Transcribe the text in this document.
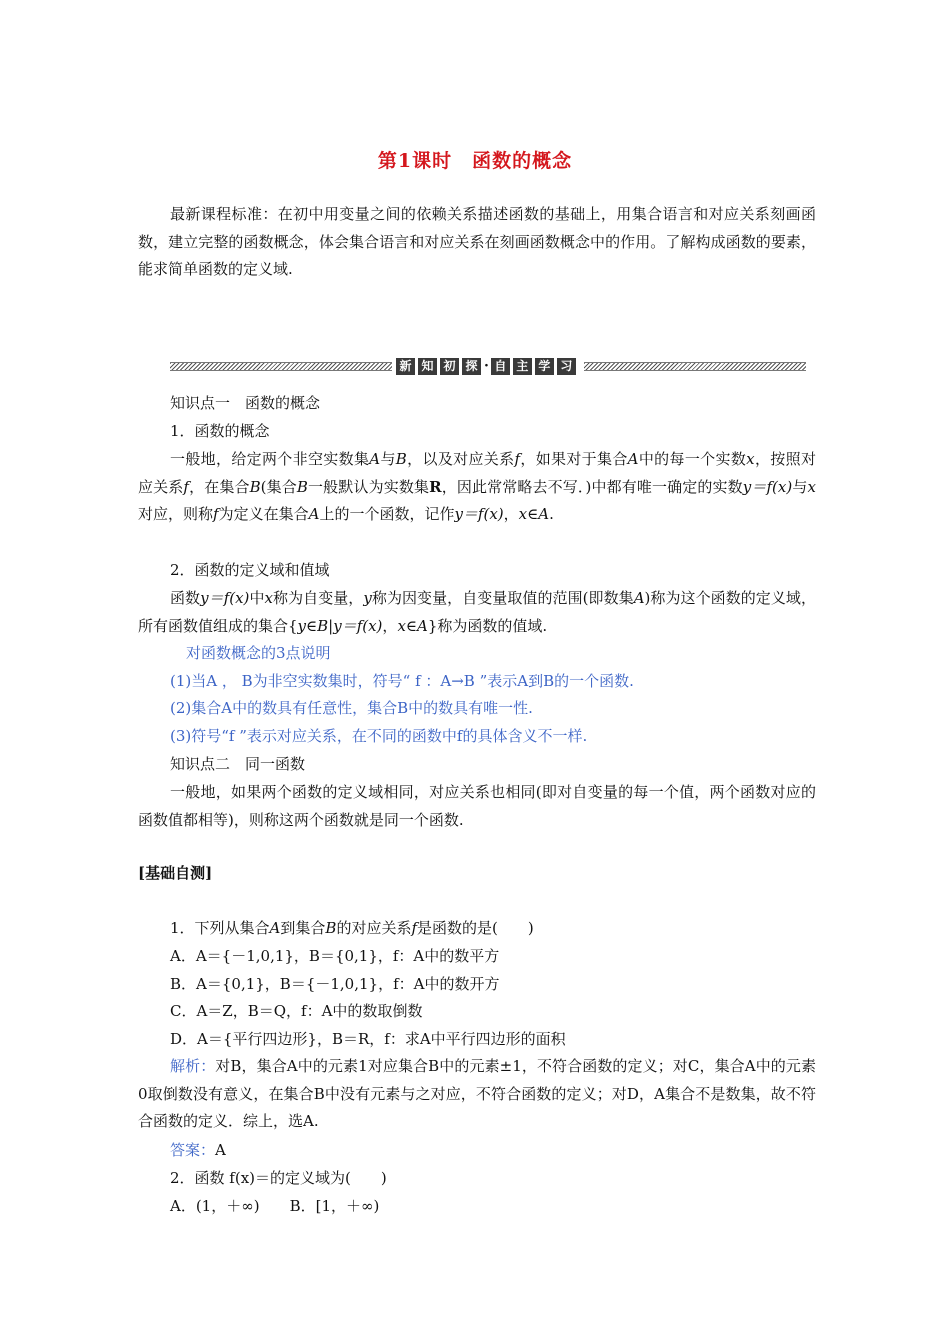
第1课时　函数的概念

最新课程标准：在初中用变量之间的依赖关系描述函数的基础上，用集合语言和对应关系刻画函数，建立完整的函数概念，体会集合语言和对应关系在刻画函数概念中的作用。了解构成函数的要素，能求简单函数的定义域.

新 知 初 探 · 自 主 学 习
知识点一　函数的概念
1．函数的概念

一般地，给定两个非空实数集A与B，以及对应关系f，如果对于集合A中的每一个实数x，按照对应关系f，在集合B(集合B一般默认为实数集R，因此常常略去不写．)中都有唯一确定的实数y＝f(x)与x对应，则称f为定义在集合A上的一个函数，记作y＝f(x)，x∈A.

2．函数的定义域和值域

函数y＝f(x)中x称为自变量，y称为因变量，自变量取值的范围(即数集A)称为这个函数的定义域，所有函数值组成的集合{y∈B|y＝f(x)，x∈A}称为函数的值域.

对函数概念的3点说明
(1)当A ， B为非空实数集时，符号“ f ：A→B ”表示A到B的一个函数.
(2)集合A中的数具有任意性，集合B中的数具有唯一性.
(3)符号“f ”表示对应关系，在不同的函数中f的具体含义不一样.
知识点二　同一函数

一般地，如果两个函数的定义域相同，对应关系也相同(即对自变量的每一个值，两个函数对应的函数值都相等)，则称这两个函数就是同一个函数.

[基础自测]
1．下列从集合A到集合B的对应关系f是函数的是(　　)
A．A＝{－1,0,1}，B＝{0,1}，f：A中的数平方
B．A＝{0,1}，B＝{－1,0,1}，f：A中的数开方
C．A＝Z，B＝Q，f：A中的数取倒数
D．A＝{平行四边形}，B＝R，f：求A中平行四边形的面积

解析：对B，集合A中的元素1对应集合B中的元素±1，不符合函数的定义；对C，集合A中的元素0取倒数没有意义，在集合B中没有元素与之对应，不符合函数的定义；对D，A集合不是数集，故不符合函数的定义．综上，选A.

答案：A
2．函数 f(x)＝的定义域为(　　)
A．(1，＋∞)　　B．[1，＋∞)
